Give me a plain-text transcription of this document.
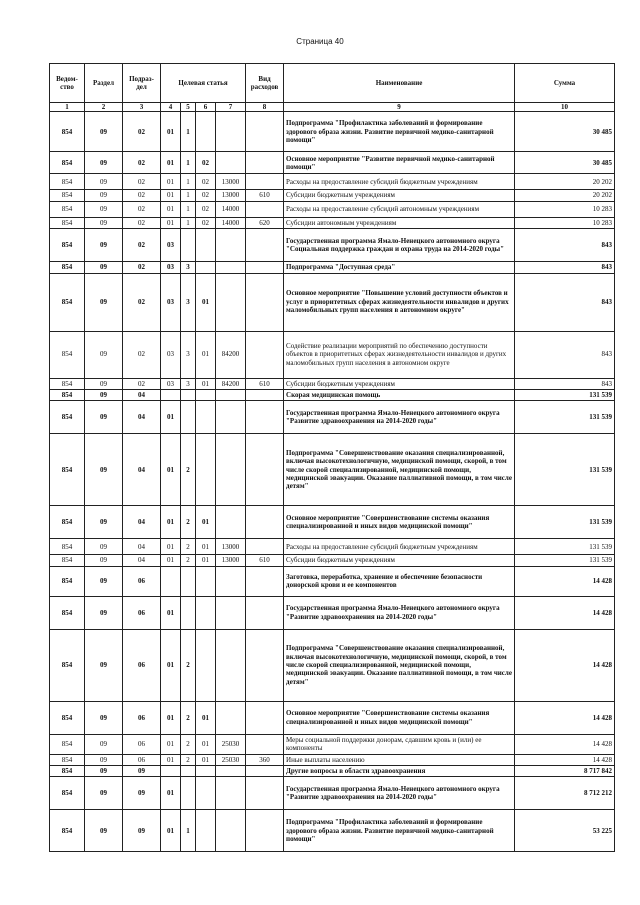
Страница 40
Ведом-ство	Раздел	Подраз-дел	Целевая статья				Вид расходов	Наименование	Сумма
1	2	3	4	5	6	7	8	9	10
854	09	02	01	1				Подпрограмма "Профилактика заболеваний и формирование здорового образа жизни. Развитие первичной медико-санитарной помощи"	30 485
854	09	02	01	1	02			Основное мероприятие "Развитие первичной медико-санитарной помощи"	30 485
854	09	02	01	1	02	13000		Расходы на предоставление субсидий бюджетным учреждениям	20 202
854	09	02	01	1	02	13000	610	Субсидии бюджетным учреждениям	20 202
854	09	02	01	1	02	14000		Расходы на предоставление субсидий автономным учреждениям	10 283
854	09	02	01	1	02	14000	620	Субсидии автономным учреждениям	10 283
854	09	02	03					Государственная программа Ямало-Ненецкого автономного округа "Социальная поддержка граждан и охрана труда на 2014-2020 годы"	843
854	09	02	03	3				Подпрограмма "Доступная среда"	843
854	09	02	03	3	01			Основное мероприятие "Повышение условий доступности объектов и услуг в приоритетных сферах жизнедеятельности инвалидов и других маломобильных групп населения в автономном округе"	843
854	09	02	03	3	01	84200		Содействие реализации мероприятий по обеспечению доступности объектов в приоритетных сферах жизнедеятельности инвалидов и других маломобильных групп населения в автономном округе	843
854	09	02	03	3	01	84200	610	Субсидии бюджетным учреждениям	843
854	09	04						Скорая медицинская помощь	131 539
854	09	04	01					Государственная программа Ямало-Ненецкого автономного округа "Развитие здравоохранения на 2014-2020 годы"	131 539
854	09	04	01	2				Подпрограмма "Совершенствование оказания специализированной, включая высокотехнологичную, медицинской помощи, скорой, в том числе скорой специализированной, медицинской помощи, медицинской эвакуации. Оказание паллиативной помощи, в том числе детям"	131 539
854	09	04	01	2	01			Основное мероприятие "Совершенствование системы оказания специализированной и иных видов медицинской помощи"	131 539
854	09	04	01	2	01	13000		Расходы на предоставление субсидий бюджетным учреждениям	131 539
854	09	04	01	2	01	13000	610	Субсидии бюджетным учреждениям	131 539
854	09	06						Заготовка, переработка, хранение и обеспечение безопасности донорской крови и ее компонентов	14 428
854	09	06	01					Государственная программа Ямало-Ненецкого автономного округа "Развитие здравоохранения на 2014-2020 годы"	14 428
854	09	06	01	2				Подпрограмма "Совершенствование оказания специализированной, включая высокотехнологичную, медицинской помощи, скорой, в том числе скорой специализированной, медицинской помощи, медицинской эвакуации. Оказание паллиативной помощи, в том числе детям"	14 428
854	09	06	01	2	01			Основное мероприятие "Совершенствование системы оказания специализированной и иных видов медицинской помощи"	14 428
854	09	06	01	2	01	25030		Меры социальной поддержки донорам, сдавшим кровь и (или) ее компоненты	14 428
854	09	06	01	2	01	25030	360	Иные выплаты населению	14 428
854	09	09						Другие вопросы в области здравоохранения	8 717 842
854	09	09	01					Государственная программа Ямало-Ненецкого автономного округа "Развитие здравоохранения на 2014-2020 годы"	8 712 212
854	09	09	01	1				Подпрограмма "Профилактика заболеваний и формирование здорового образа жизни. Развитие первичной медико-санитарной помощи"	53 225
